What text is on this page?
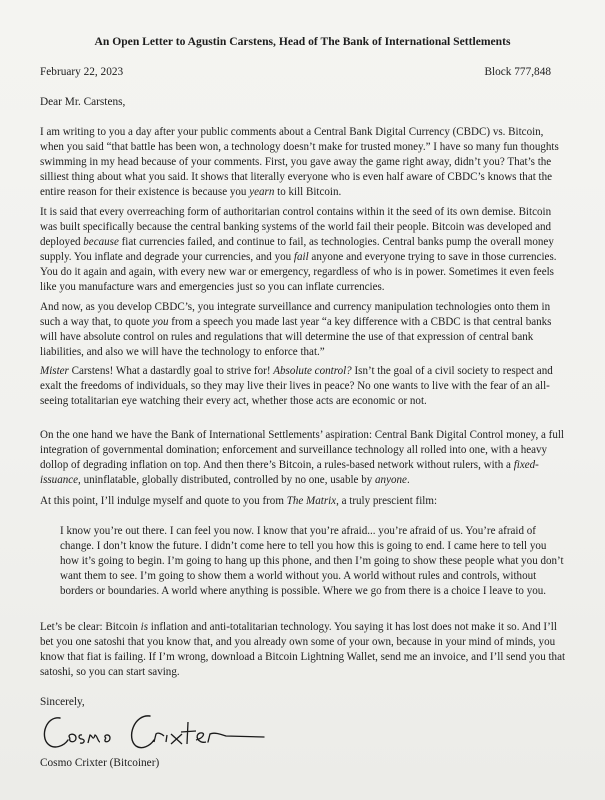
An Open Letter to Agustin Carstens, Head of The Bank of International Settlements
February 22, 2023	Block 777,848
Dear Mr. Carstens,

I am writing to you a day after your public comments about a Central Bank Digital Currency (CBDC) vs. Bitcoin, when you said “that battle has been won, a technology doesn’t make for trusted money.” I have so many fun thoughts swimming in my head because of your comments. First, you gave away the game right away, didn’t you? That’s the silliest thing about what you said. It shows that literally everyone who is even half aware of CBDC’s knows that the entire reason for their existence is because you yearn to kill Bitcoin.

It is said that every overreaching form of authoritarian control contains within it the seed of its own demise. Bitcoin was built specifically because the central banking systems of the world fail their people. Bitcoin was developed and deployed because fiat currencies failed, and continue to fail, as technologies. Central banks pump the overall money supply. You inflate and degrade your currencies, and you fail anyone and everyone trying to save in those currencies. You do it again and again, with every new war or emergency, regardless of who is in power. Sometimes it even feels like you manufacture wars and emergencies just so you can inflate currencies.

And now, as you develop CBDC’s, you integrate surveillance and currency manipulation technologies onto them in such a way that, to quote you from a speech you made last year “a key difference with a CBDC is that central banks will have absolute control on rules and regulations that will determine the use of that expression of central bank liabilities, and also we will have the technology to enforce that.”

Mister Carstens! What a dastardly goal to strive for! Absolute control? Isn’t the goal of a civil society to respect and exalt the freedoms of individuals, so they may live their lives in peace? No one wants to live with the fear of an all-seeing totalitarian eye watching their every act, whether those acts are economic or not.

On the one hand we have the Bank of International Settlements’ aspiration: Central Bank Digital Control money, a full integration of governmental domination; enforcement and surveillance technology all rolled into one, with a heavy dollop of degrading inflation on top. And then there’s Bitcoin, a rules-based network without rulers, with a fixed-issuance, uninflatable, globally distributed, controlled by no one, usable by anyone.

At this point, I’ll indulge myself and quote to you from The Matrix, a truly prescient film:

I know you’re out there. I can feel you now. I know that you’re afraid... you’re afraid of us. You’re afraid of change. I don’t know the future. I didn’t come here to tell you how this is going to end. I came here to tell you how it’s going to begin. I’m going to hang up this phone, and then I’m going to show these people what you don’t want them to see. I’m going to show them a world without you. A world without rules and controls, without borders or boundaries. A world where anything is possible. Where we go from there is a choice I leave to you.

Let’s be clear: Bitcoin is inflation and anti-totalitarian technology. You saying it has lost does not make it so. And I’ll bet you one satoshi that you know that, and you already own some of your own, because in your mind of minds, you know that fiat is failing. If I’m wrong, download a Bitcoin Lightning Wallet, send me an invoice, and I’ll send you that satoshi, so you can start saving.

Sincerely,
Cosmo Crixter (Bitcoiner)
